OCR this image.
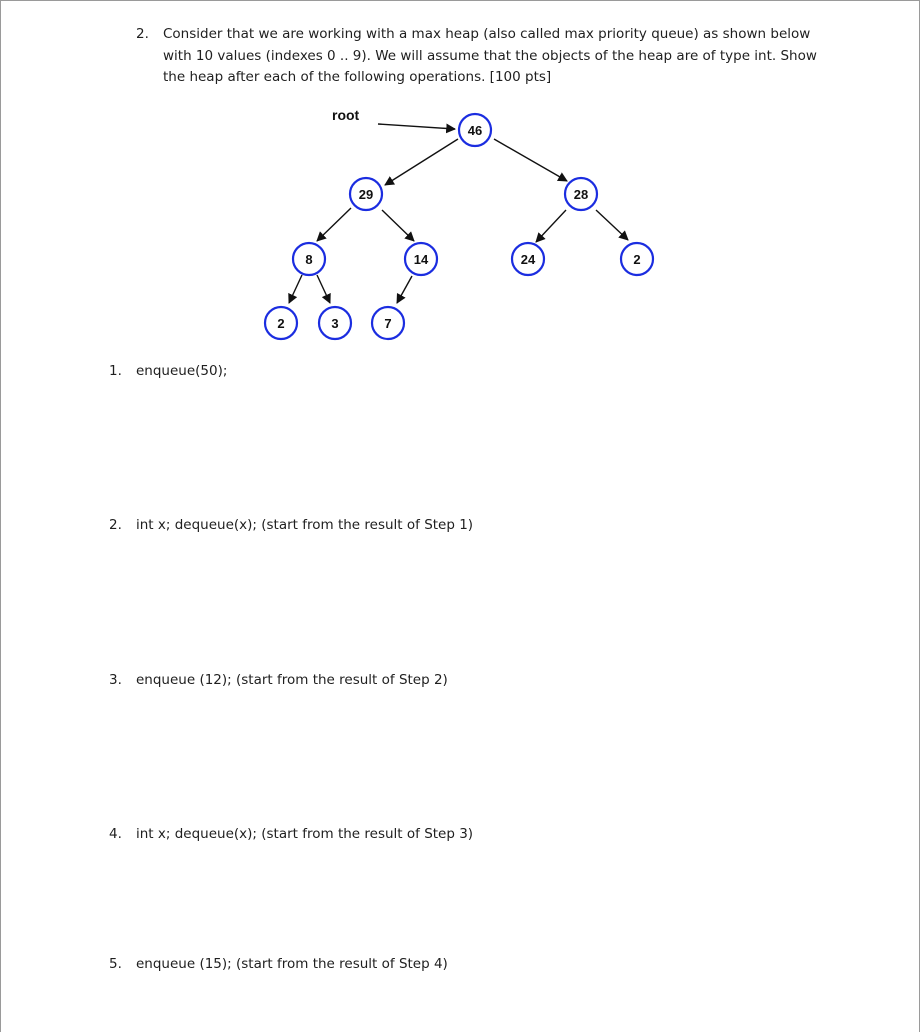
2. Consider that we are working with a max heap (also called max priority queue) as shown below with 10 values (indexes 0 .. 9). We will assume that the objects of the heap are of type int. Show the heap after each of the following operations. [100 pts]
root
46
29	28
8	14	24	2
2	3	7
1. enqueue(50);
2. int x; dequeue(x); (start from the result of Step 1)
3. enqueue (12); (start from the result of Step 2)
4. int x; dequeue(x); (start from the result of Step 3)
5. enqueue (15); (start from the result of Step 4)
